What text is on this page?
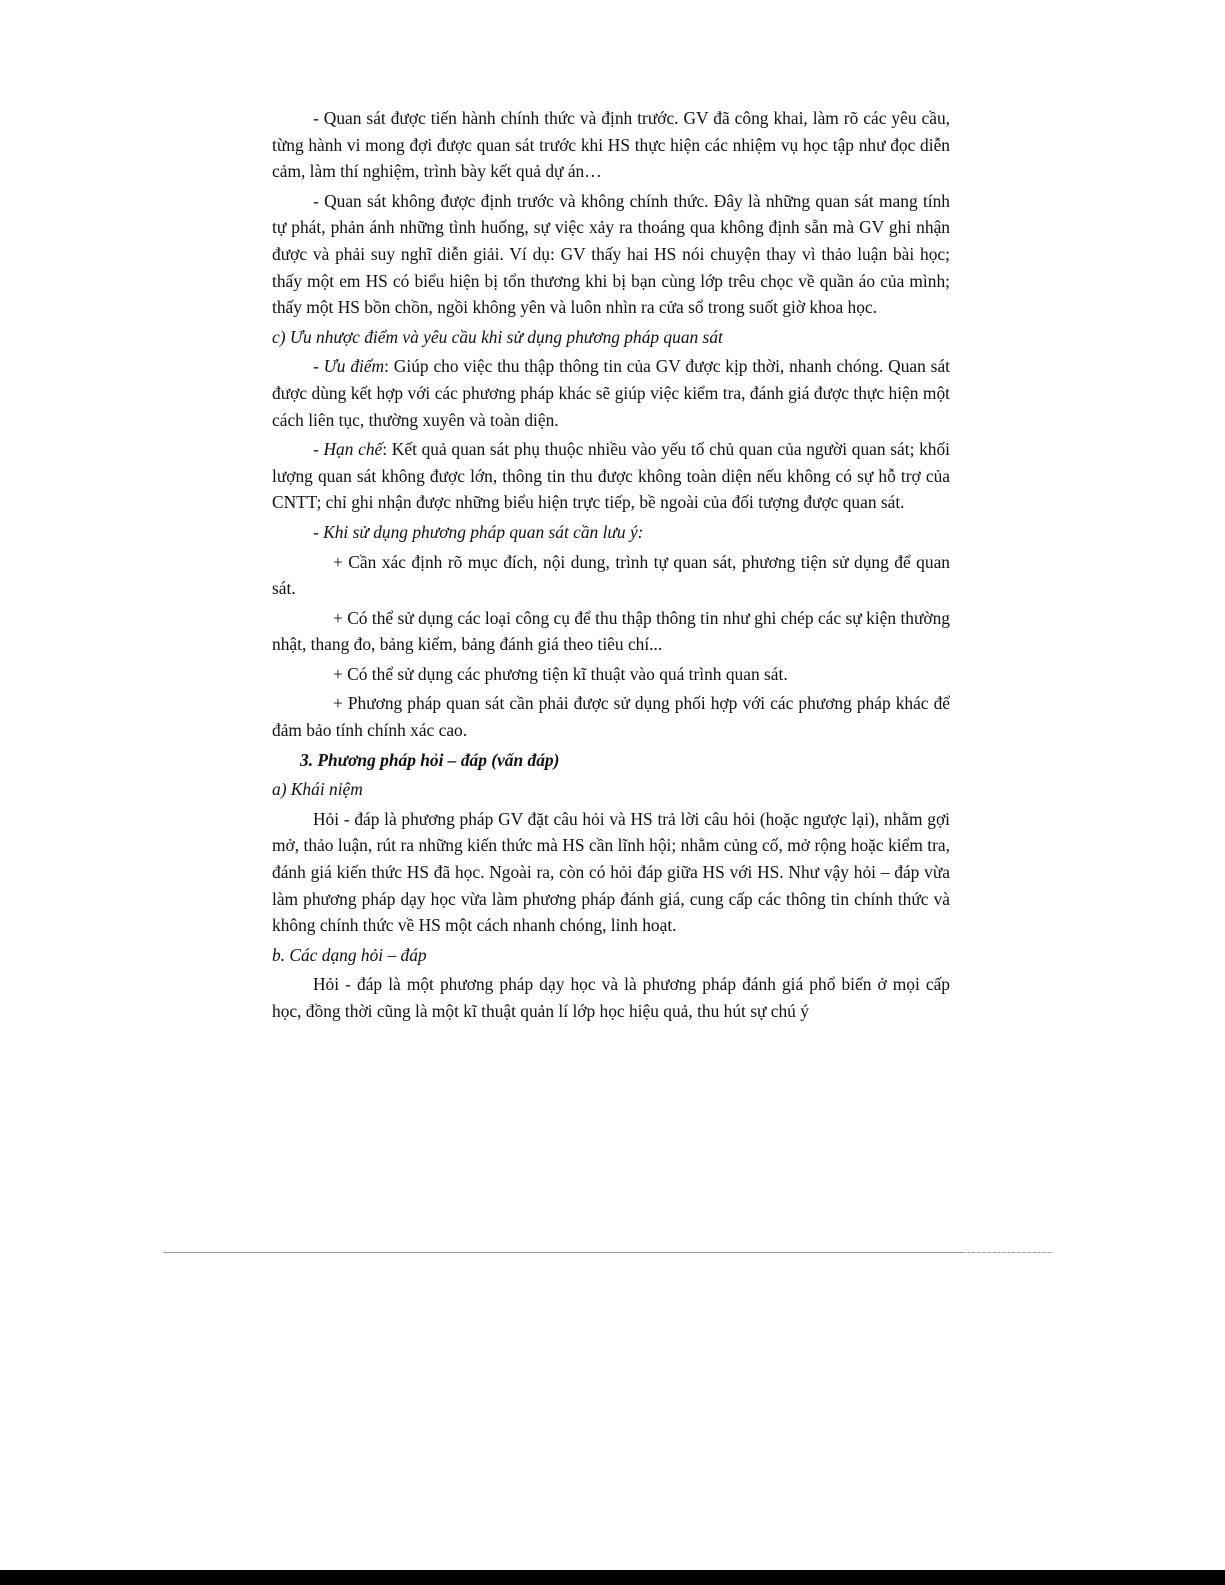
- Quan sát được tiến hành chính thức và định trước. GV đã công khai, làm rõ các yêu cầu, từng hành vi mong đợi được quan sát trước khi HS thực hiện các nhiệm vụ học tập như đọc diễn cảm, làm thí nghiệm, trình bày kết quả dự án…

- Quan sát không được định trước và không chính thức. Đây là những quan sát mang tính tự phát, phản ánh những tình huống, sự việc xảy ra thoáng qua không định sẵn mà GV ghi nhận được và phải suy nghĩ diễn giải. Ví dụ: GV thấy hai HS nói chuyện thay vì thảo luận bài học; thấy một em HS có biểu hiện bị tổn thương khi bị bạn cùng lớp trêu chọc về quần áo của mình; thấy một HS bồn chồn, ngồi không yên và luôn nhìn ra cửa sổ trong suốt giờ khoa học.

c) Ưu nhược điểm và yêu cầu khi sử dụng phương pháp quan sát

- Ưu điểm: Giúp cho việc thu thập thông tin của GV được kịp thời, nhanh chóng. Quan sát được dùng kết hợp với các phương pháp khác sẽ giúp việc kiểm tra, đánh giá được thực hiện một cách liên tục, thường xuyên và toàn diện.

- Hạn chế: Kết quả quan sát phụ thuộc nhiều vào yếu tố chủ quan của người quan sát; khối lượng quan sát không được lớn, thông tin thu được không toàn diện nếu không có sự hỗ trợ của CNTT; chỉ ghi nhận được những biểu hiện trực tiếp, bề ngoài của đối tượng được quan sát.

- Khi sử dụng phương pháp quan sát cần lưu ý:

+ Cần xác định rõ mục đích, nội dung, trình tự quan sát, phương tiện sử dụng để quan sát.

+ Có thể sử dụng các loại công cụ để thu thập thông tin như ghi chép các sự kiện thường nhật, thang đo, bảng kiểm, bảng đánh giá theo tiêu chí...

+ Có thể sử dụng các phương tiện kĩ thuật vào quá trình quan sát.

+ Phương pháp quan sát cần phải được sử dụng phối hợp với các phương pháp khác để đảm bảo tính chính xác cao.

3. Phương pháp hỏi – đáp (vấn đáp)

a) Khái niệm

Hỏi - đáp là phương pháp GV đặt câu hỏi và HS trả lời câu hỏi (hoặc ngược lại), nhằm gợi mở, thảo luận, rút ra những kiến thức mà HS cần lĩnh hội; nhằm củng cố, mở rộng hoặc kiểm tra, đánh giá kiến thức HS đã học. Ngoài ra, còn có hỏi đáp giữa HS với HS. Như vậy hỏi – đáp vừa làm phương pháp dạy học vừa làm phương pháp đánh giá, cung cấp các thông tin chính thức và không chính thức về HS một cách nhanh chóng, linh hoạt.

b. Các dạng hỏi – đáp

Hỏi - đáp là một phương pháp dạy học và là phương pháp đánh giá phổ biến ở mọi cấp học, đồng thời cũng là một kĩ thuật quản lí lớp học hiệu quả, thu hút sự chú ý
